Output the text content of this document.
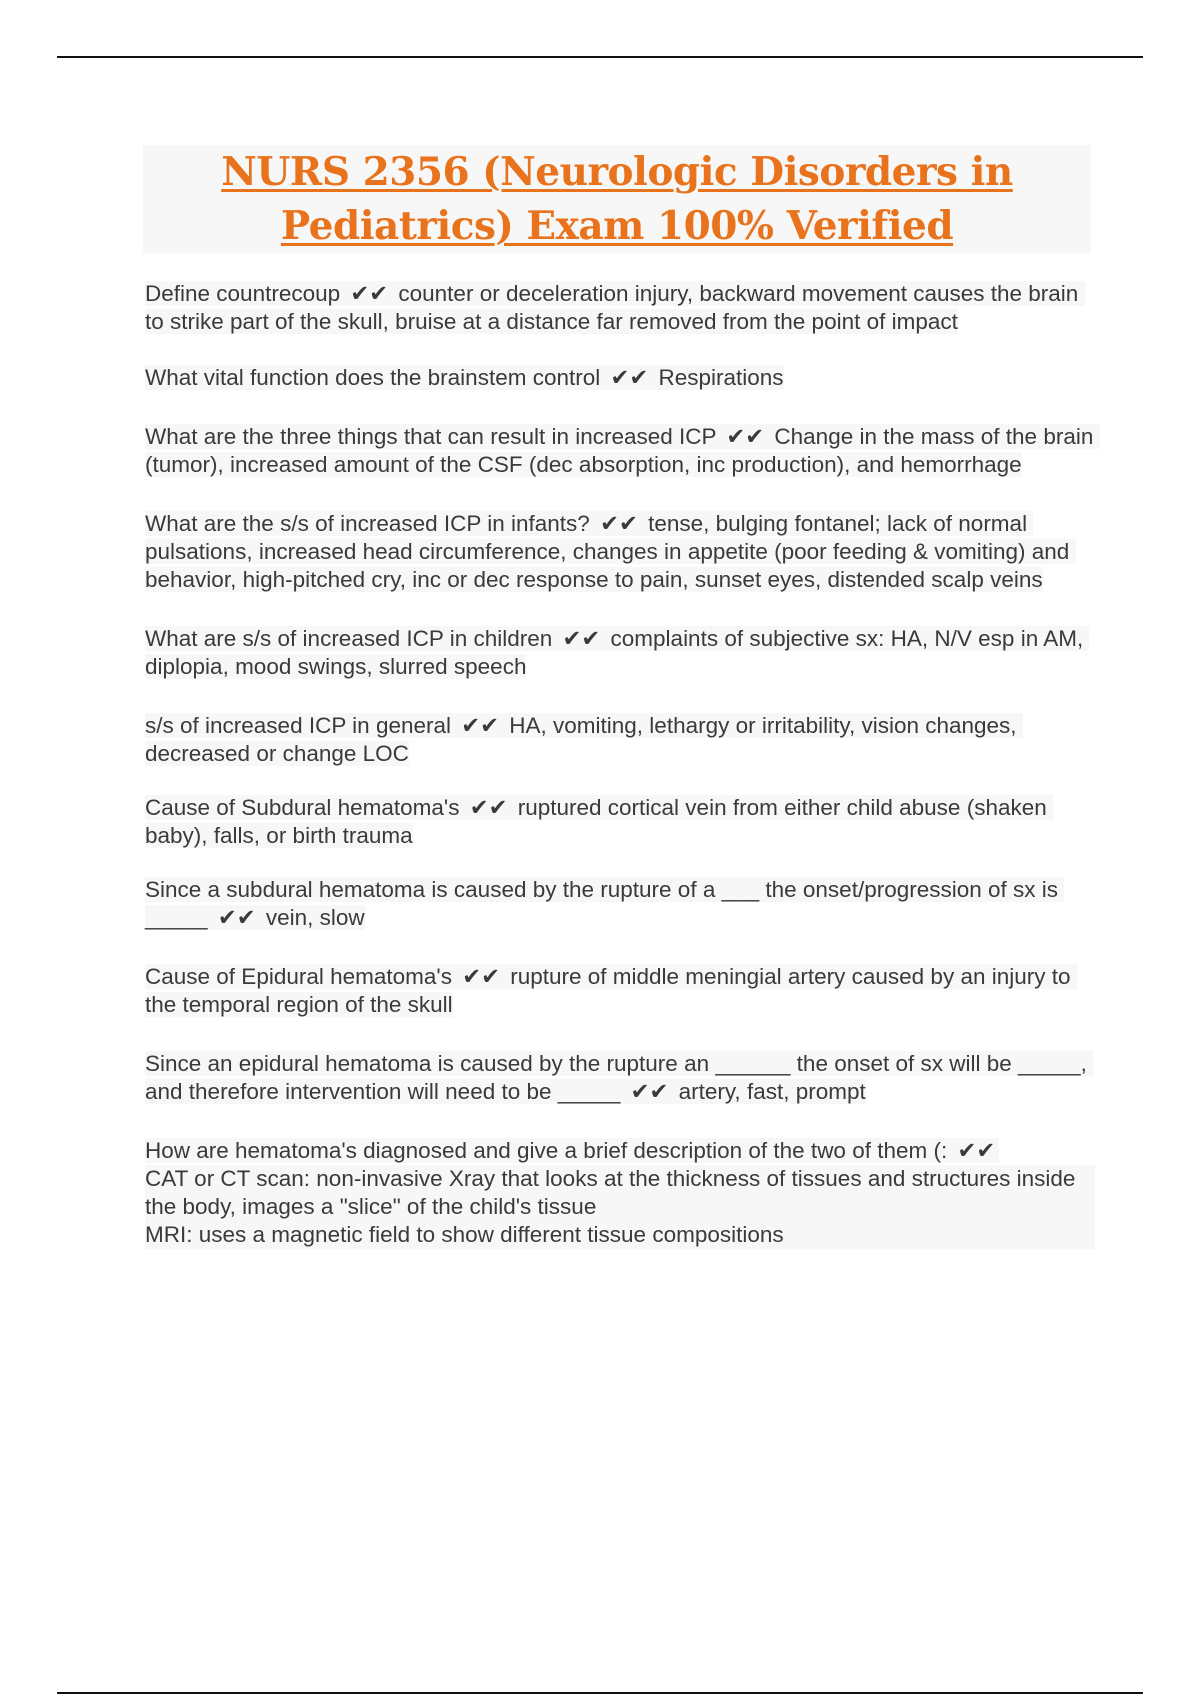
NURS 2356 (Neurologic Disorders in Pediatrics) Exam 100% Verified

Define countrecoup ✔✔ counter or deceleration injury, backward movement causes the brain to strike part of the skull, bruise at a distance far removed from the point of impact

What vital function does the brainstem control ✔✔ Respirations

What are the three things that can result in increased ICP ✔✔ Change in the mass of the brain (tumor), increased amount of the CSF (dec absorption, inc production), and hemorrhage

What are the s/s of increased ICP in infants? ✔✔ tense, bulging fontanel; lack of normal pulsations, increased head circumference, changes in appetite (poor feeding & vomiting) and behavior, high-pitched cry, inc or dec response to pain, sunset eyes, distended scalp veins

What are s/s of increased ICP in children ✔✔ complaints of subjective sx: HA, N/V esp in AM, diplopia, mood swings, slurred speech

s/s of increased ICP in general ✔✔ HA, vomiting, lethargy or irritability, vision changes, decreased or change LOC

Cause of Subdural hematoma's ✔✔ ruptured cortical vein from either child abuse (shaken baby), falls, or birth trauma

Since a subdural hematoma is caused by the rupture of a ___ the onset/progression of sx is _____ ✔✔ vein, slow

Cause of Epidural hematoma's ✔✔ rupture of middle meningial artery caused by an injury to the temporal region of the skull

Since an epidural hematoma is caused by the rupture an ______ the onset of sx will be _____, and therefore intervention will need to be _____ ✔✔ artery, fast, prompt

How are hematoma's diagnosed and give a brief description of the two of them (: ✔✔
CAT or CT scan: non-invasive Xray that looks at the thickness of tissues and structures inside the body, images a "slice" of the child's tissue
MRI: uses a magnetic field to show different tissue compositions
